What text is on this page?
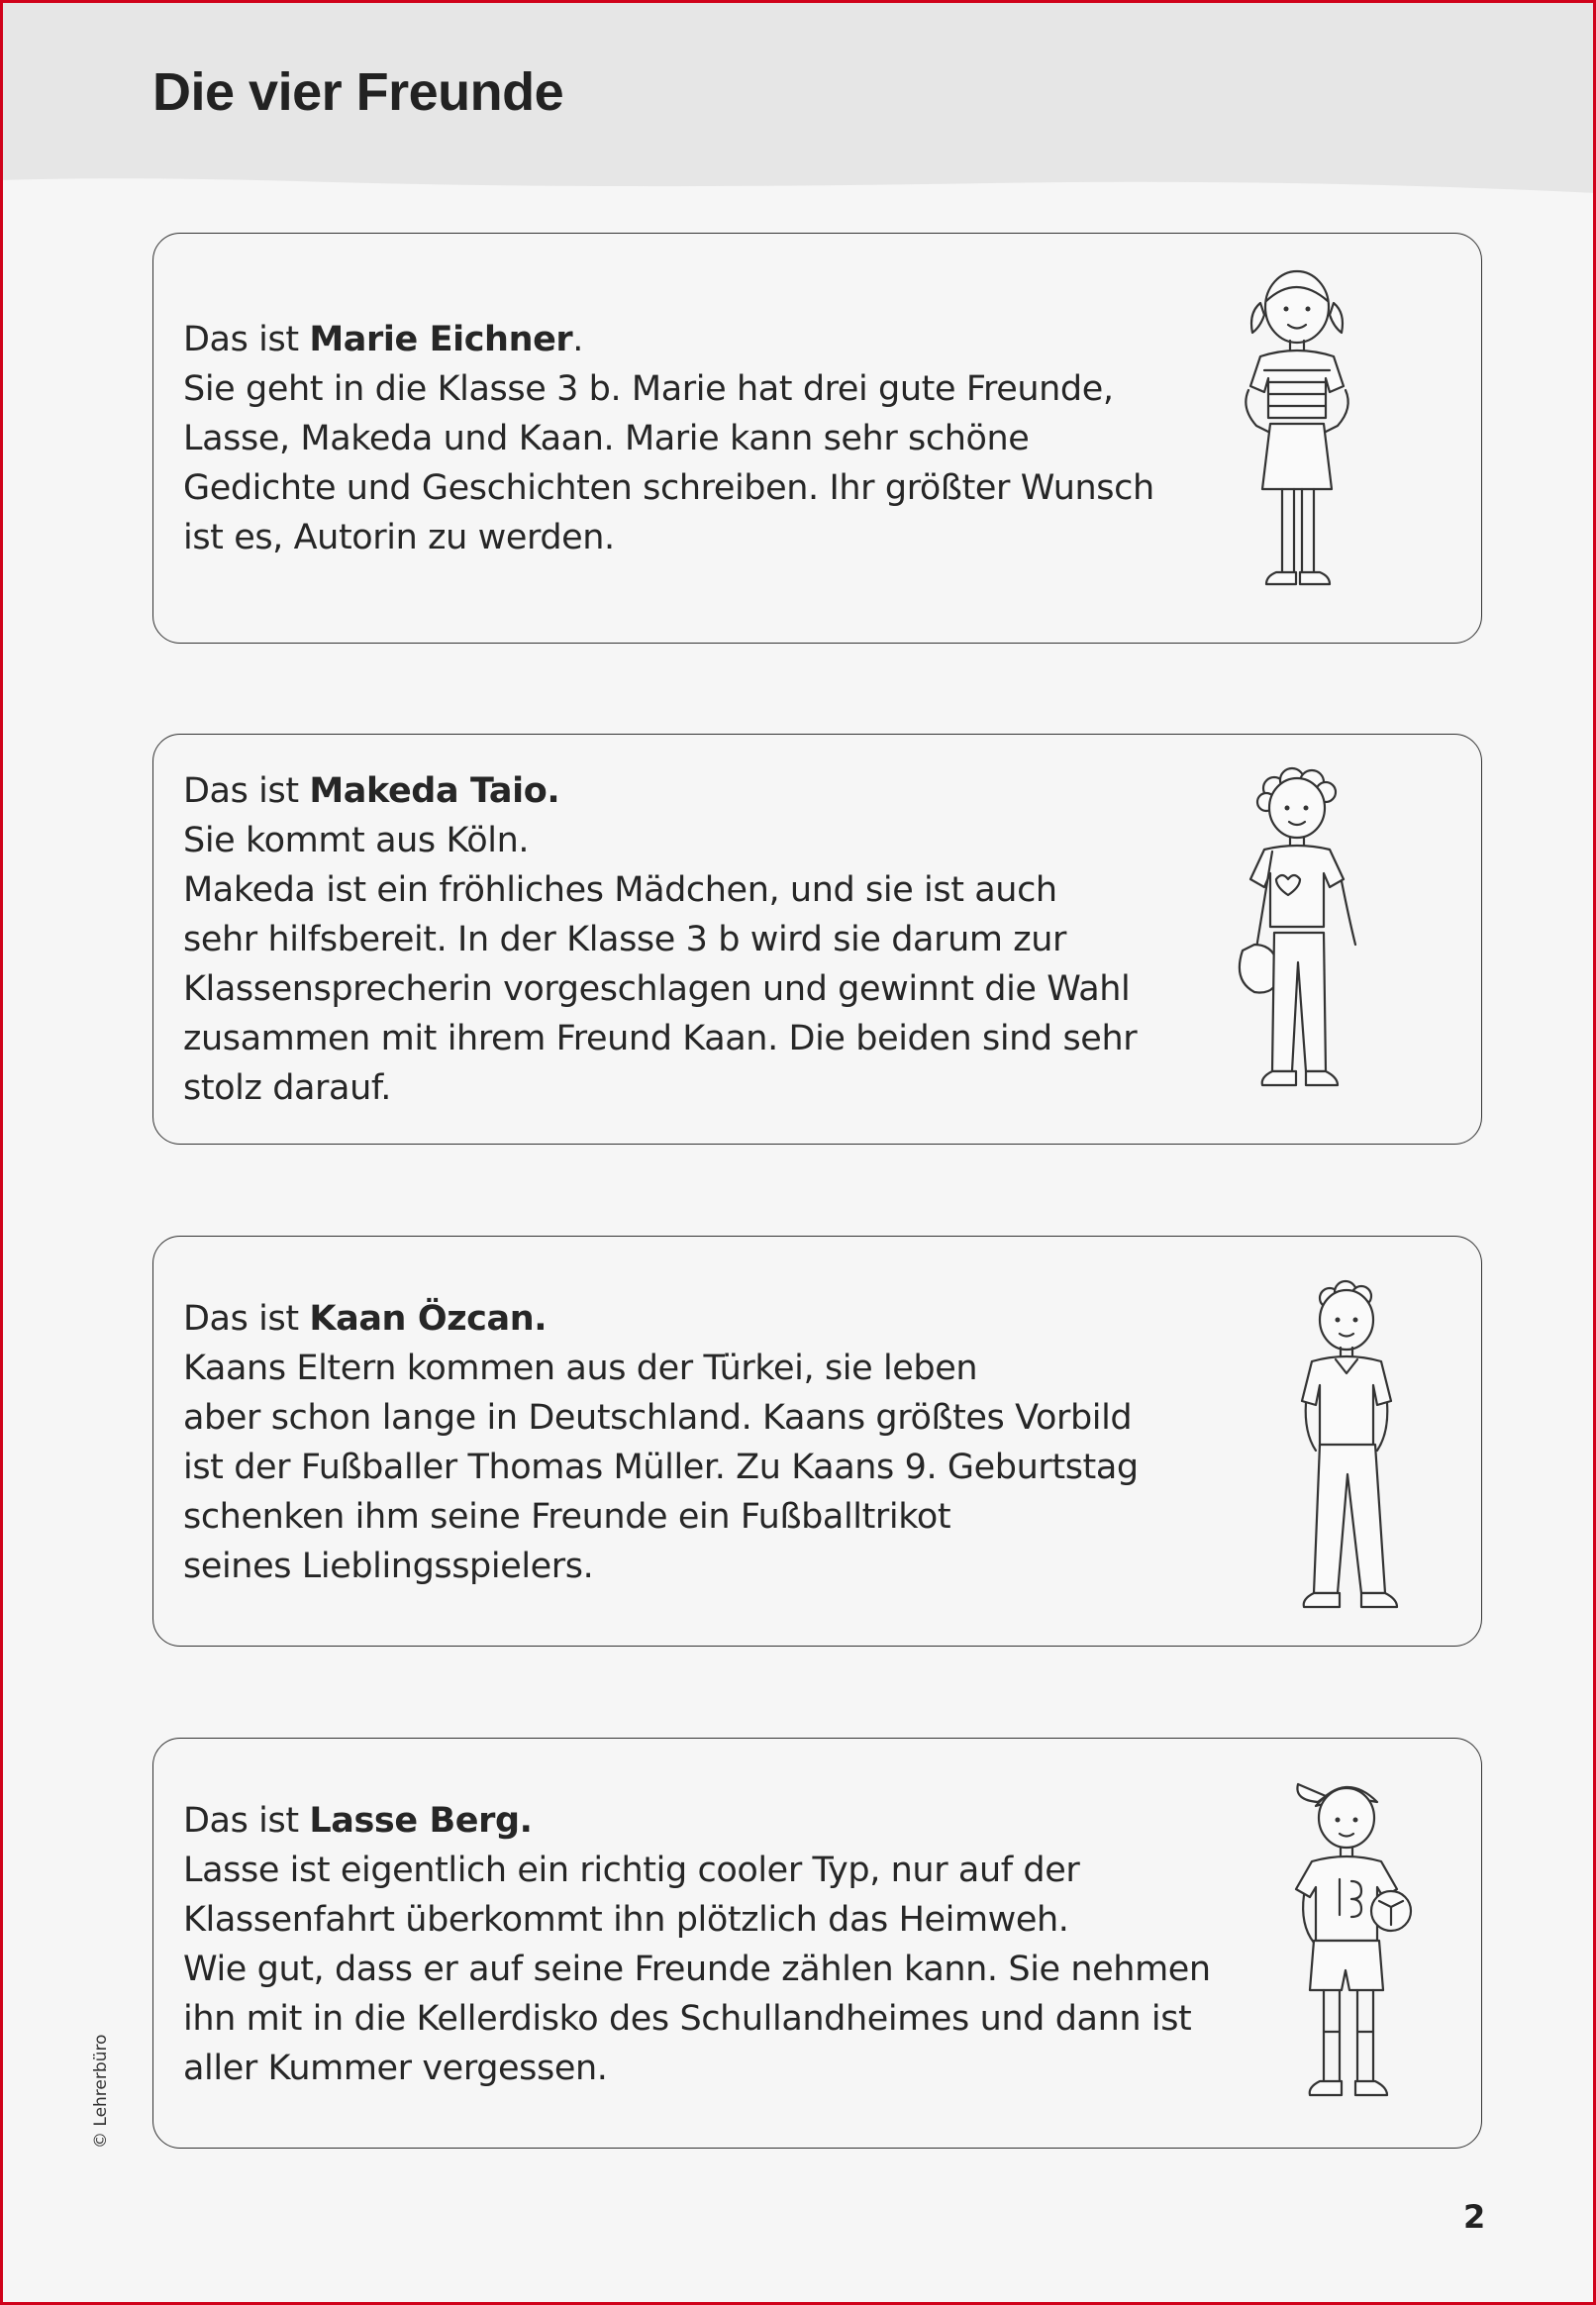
Die vier Freunde

Das ist Marie Eichner.

Sie geht in die Klasse 3 b. Marie hat drei gute Freunde,

Lasse, Makeda und Kaan. Marie kann sehr schöne

Gedichte und Geschichten schreiben. Ihr größter Wunsch

ist es, Autorin zu werden.

Das ist Makeda Taio.

Sie kommt aus Köln.

Makeda ist ein fröhliches Mädchen, und sie ist auch

sehr hilfsbereit. In der Klasse 3 b wird sie darum zur

Klassensprecherin vorgeschlagen und gewinnt die Wahl

zusammen mit ihrem Freund Kaan. Die beiden sind sehr

stolz darauf.

Das ist Kaan Özcan.

Kaans Eltern kommen aus der Türkei, sie leben

aber schon lange in Deutschland. Kaans größtes Vorbild

ist der Fußballer Thomas Müller. Zu Kaans 9. Geburtstag

schenken ihm seine Freunde ein Fußballtrikot

seines Lieblingsspielers.

Das ist Lasse Berg.

Lasse ist eigentlich ein richtig cooler Typ, nur auf der

Klassenfahrt überkommt ihn plötzlich das Heimweh.

Wie gut, dass er auf seine Freunde zählen kann. Sie nehmen

ihn mit in die Kellerdisko des Schullandheimes und dann ist

aller Kummer vergessen.

© Lehrerbüro
2
